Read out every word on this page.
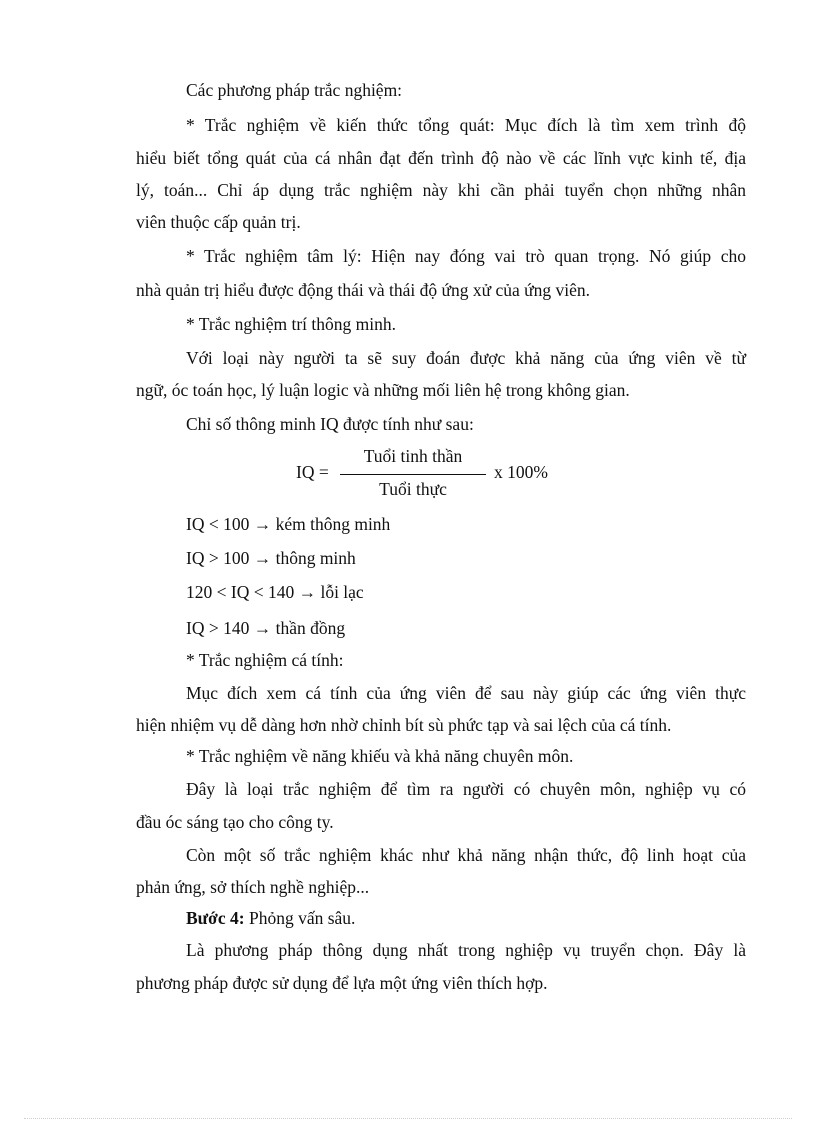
Các phương pháp trắc nghiệm:
* Trắc nghiệm về kiến thức tổng quát: Mục đích là tìm xem trình độ
hiểu biết tổng quát của cá nhân đạt đến trình độ nào về các lĩnh vực kinh tế, địa
lý, toán... Chỉ áp dụng trắc nghiệm này khi cần phải tuyển chọn những nhân
viên thuộc cấp quản trị.
* Trắc nghiệm tâm lý: Hiện nay đóng vai trò quan trọng. Nó giúp cho
nhà quản trị hiểu được động thái và thái độ ứng xử của ứng viên.
* Trắc nghiệm trí thông minh.
Với loại này người ta sẽ suy đoán được khả năng của ứng viên về từ
ngữ, óc toán học, lý luận logic và những mối liên hệ trong không gian.
Chỉ số thông minh IQ được tính như sau:
IQ =
Tuổi tinh thần
Tuổi thực
x 100%
IQ < 100 → kém thông minh
IQ > 100 → thông minh
120 < IQ < 140 → lỗi lạc
IQ > 140 → thần đồng
* Trắc nghiệm cá tính:
Mục đích xem cá tính của ứng viên để sau này giúp các ứng viên thực
hiện nhiệm vụ dễ dàng hơn nhờ chỉnh bít sù phức tạp và sai lệch của cá tính.
* Trắc nghiệm về năng khiếu và khả năng chuyên môn.
Đây là loại trắc nghiệm để tìm ra người có chuyên môn, nghiệp vụ có
đầu óc sáng tạo cho công ty.
Còn một số trắc nghiệm khác như khả năng nhận thức, độ linh hoạt của
phản ứng, sở thích nghề nghiệp...
Bước 4: Phỏng vấn sâu.
Là phương pháp thông dụng nhất trong nghiệp vụ truyển chọn. Đây là
phương pháp được sử dụng để lựa một ứng viên thích hợp.
